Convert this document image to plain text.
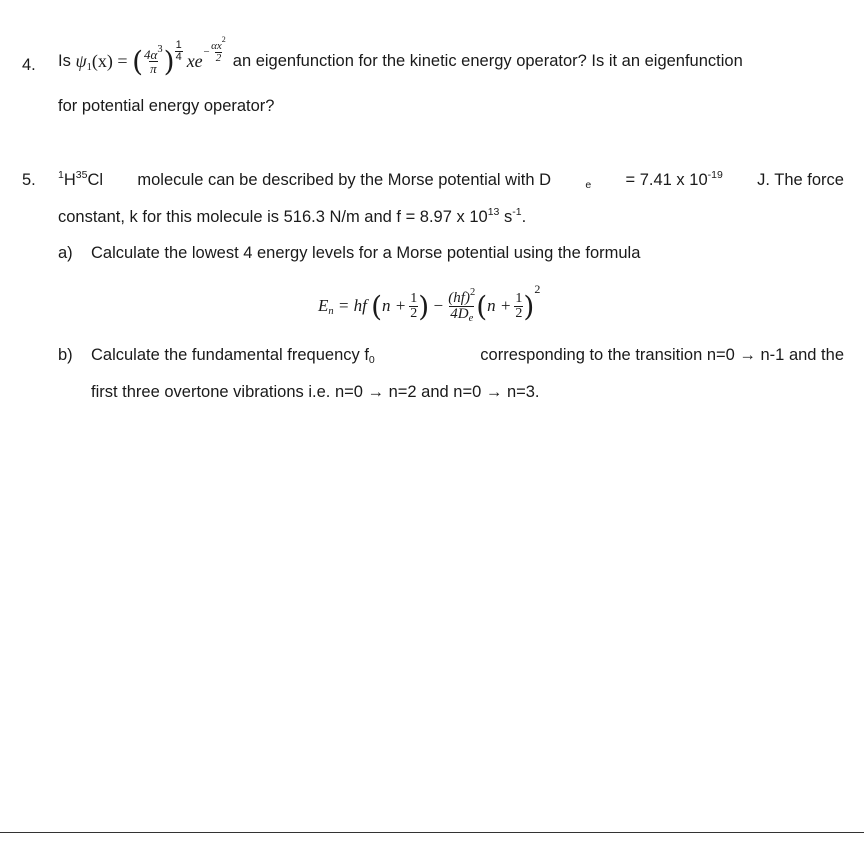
4. Is
$\psi_1(x)$ =
( $\frac{4\alpha^3}{\pi}$ ) $\frac{1}{4}$ xe − $\frac{\alpha x^2}{2}$ an eigenfunction for the kinetic energy operator? Is it an eigenfunction
for potential energy operator?
5. $^1H^{35}Cl$ molecule can be described by the Morse potential with D	$_e$ = 7.41 x $10^{-19}$ J. The force
constant, k for this molecule is 516.3 N/m and f = 8.97 x $10^{13}$ $s^{-1}$.
a) Calculate the lowest 4 energy levels for a Morse potential using the formula
$E_n$
= hf
( $n + \frac{1}{2}$ )
−
$\frac{(hf)^2}{4D_e}$ ( $n + \frac{1}{2}$ )
2
b) Calculate the fundamental frequency $f_0$	corresponding to the transition n=0 → n-1 and the
first three overtone vibrations i.e. n=0 → n=2 and n=0 → n=3.
